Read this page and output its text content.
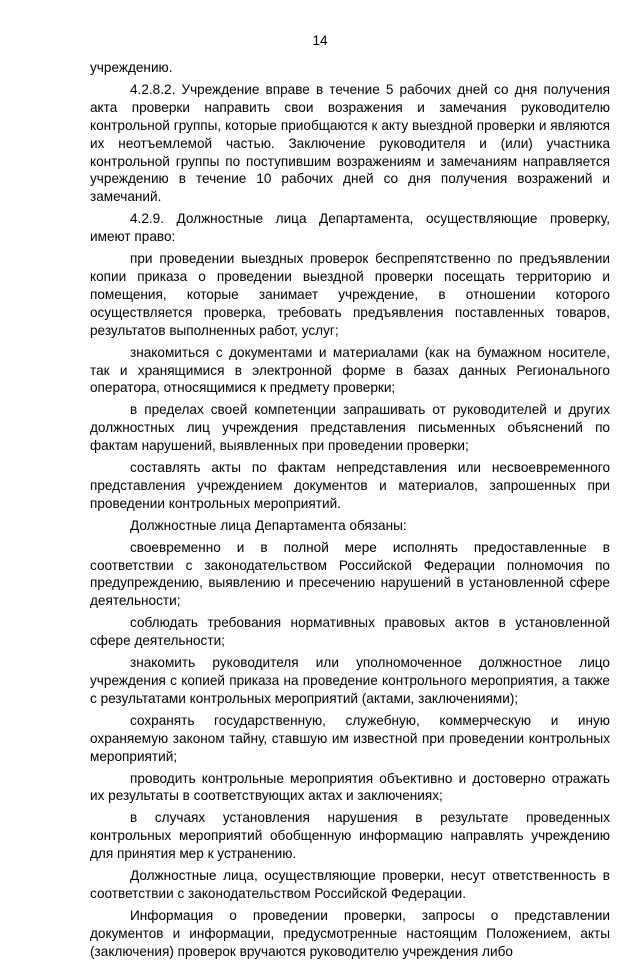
14

учреждению.

4.2.8.2. Учреждение вправе в течение 5 рабочих дней со дня получения акта проверки направить свои возражения и замечания руководителю контрольной группы, которые приобщаются к акту выездной проверки и являются их неотъемлемой частью. Заключение руководителя и (или) участника контрольной группы по поступившим возражениям и замечаниям направляется учреждению в течение 10 рабочих дней со дня получения возражений и замечаний.

4.2.9. Должностные лица Департамента, осуществляющие проверку, имеют право:

при проведении выездных проверок беспрепятственно по предъявлении копии приказа о проведении выездной проверки посещать территорию и помещения, которые занимает учреждение, в отношении которого осуществляется проверка, требовать предъявления поставленных товаров, результатов выполненных работ, услуг;

знакомиться с документами и материалами (как на бумажном носителе, так и хранящимися в электронной форме в базах данных Регионального оператора, относящимися к предмету проверки;

в пределах своей компетенции запрашивать от руководителей и других должностных лиц учреждения представления письменных объяснений по фактам нарушений, выявленных при проведении проверки;

составлять акты по фактам непредставления или несвоевременного представления учреждением документов и материалов, запрошенных при проведении контрольных мероприятий.

Должностные лица Департамента обязаны:

своевременно и в полной мере исполнять предоставленные в соответствии с законодательством Российской Федерации полномочия по предупреждению, выявлению и пресечению нарушений в установленной сфере деятельности;

соблюдать требования нормативных правовых актов в установленной сфере деятельности;

знакомить руководителя или уполномоченное должностное лицо учреждения с копией приказа на проведение контрольного мероприятия, а также с результатами контрольных мероприятий (актами, заключениями);

сохранять государственную, служебную, коммерческую и иную охраняемую законом тайну, ставшую им известной при проведении контрольных мероприятий;

проводить контрольные мероприятия объективно и достоверно отражать их результаты в соответствующих актах и заключениях;

в случаях установления нарушения в результате проведенных контрольных мероприятий обобщенную информацию направлять учреждению для принятия мер к устранению.

Должностные лица, осуществляющие проверки, несут ответственность в соответствии с законодательством Российской Федерации.

Информация о проведении проверки, запросы о представлении документов и информации, предусмотренные настоящим Положением, акты (заключения) проверок вручаются руководителю учреждения либо
